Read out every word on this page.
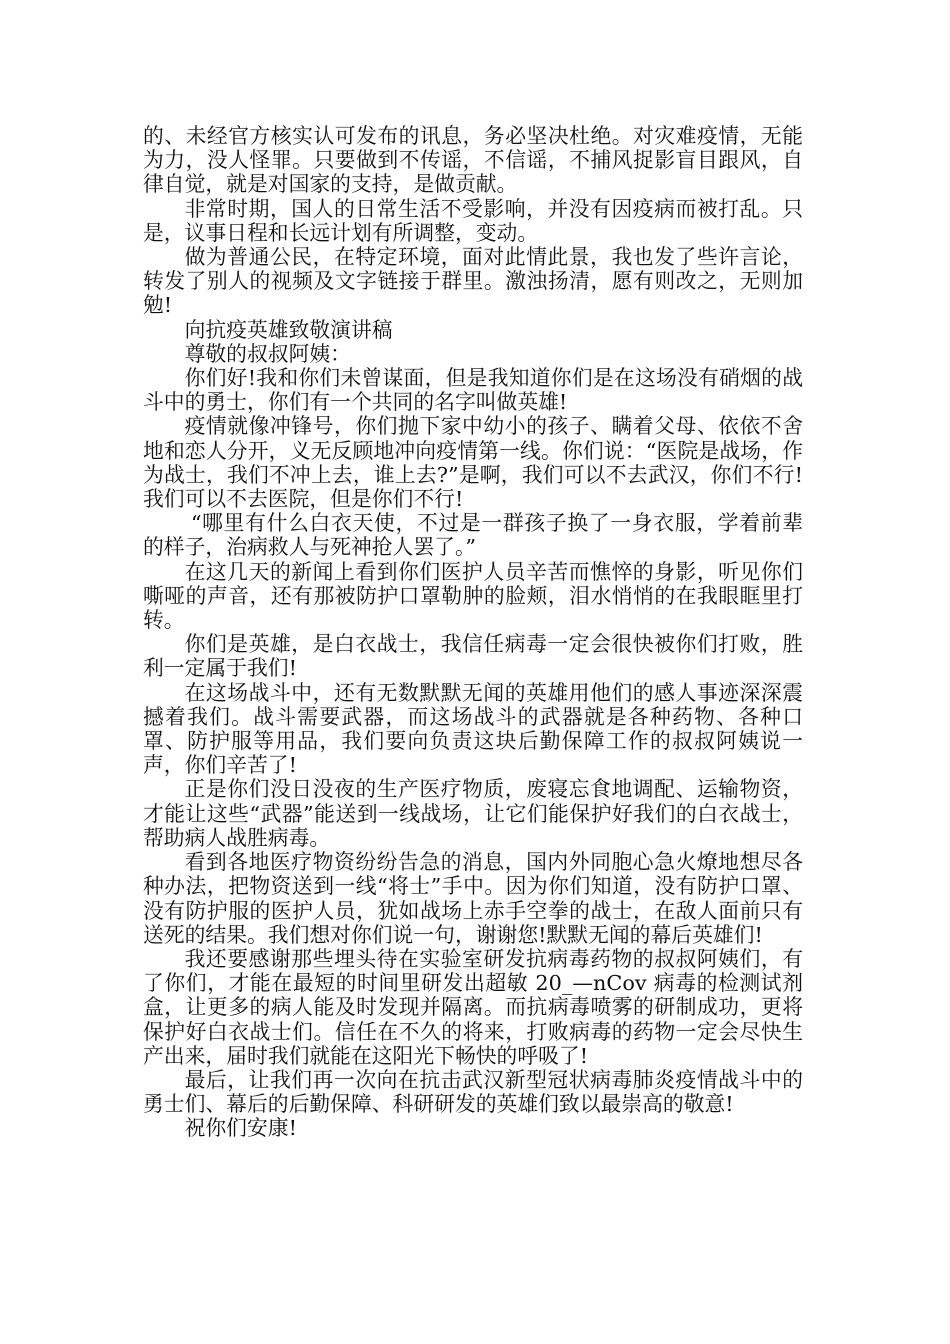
的、未经官方核实认可发布的讯息，务必坚决杜绝。对灾难疫情，无能为力，没人怪罪。只要做到不传谣，不信谣，不捕风捉影盲目跟风，自律自觉，就是对国家的支持，是做贡献。

非常时期，国人的日常生活不受影响，并没有因疫病而被打乱。只是，议事日程和长远计划有所调整，变动。

做为普通公民，在特定环境，面对此情此景，我也发了些许言论，转发了别人的视频及文字链接于群里。激浊扬清，愿有则改之，无则加勉!

向抗疫英雄致敬演讲稿

尊敬的叔叔阿姨：

你们好!我和你们未曾谋面，但是我知道你们是在这场没有硝烟的战斗中的勇士，你们有一个共同的名字叫做英雄!

疫情就像冲锋号，你们抛下家中幼小的孩子、瞒着父母、依依不舍地和恋人分开，义无反顾地冲向疫情第一线。你们说：“医院是战场，作为战士，我们不冲上去，谁上去?”是啊，我们可以不去武汉，你们不行!我们可以不去医院，但是你们不行!

“哪里有什么白衣天使，不过是一群孩子换了一身衣服，学着前辈的样子，治病救人与死神抢人罢了。”

在这几天的新闻上看到你们医护人员辛苦而憔悴的身影，听见你们嘶哑的声音，还有那被防护口罩勒肿的脸颊，泪水悄悄的在我眼眶里打转。

你们是英雄，是白衣战士，我信任病毒一定会很快被你们打败，胜利一定属于我们!

在这场战斗中，还有无数默默无闻的英雄用他们的感人事迹深深震撼着我们。战斗需要武器，而这场战斗的武器就是各种药物、各种口罩、防护服等用品，我们要向负责这块后勤保障工作的叔叔阿姨说一声，你们辛苦了!

正是你们没日没夜的生产医疗物质，废寝忘食地调配、运输物资，才能让这些“武器”能送到一线战场，让它们能保护好我们的白衣战士，帮助病人战胜病毒。

看到各地医疗物资纷纷告急的消息，国内外同胞心急火燎地想尽各种办法，把物资送到一线“将士”手中。因为你们知道，没有防护口罩、没有防护服的医护人员，犹如战场上赤手空拳的战士，在敌人面前只有送死的结果。我们想对你们说一句，谢谢您!默默无闻的幕后英雄们!

我还要感谢那些埋头待在实验室研发抗病毒药物的叔叔阿姨们，有了你们，才能在最短的时间里研发出超敏 20_—nCov 病毒的检测试剂盒，让更多的病人能及时发现并隔离。而抗病毒喷雾的研制成功，更将保护好白衣战士们。信任在不久的将来，打败病毒的药物一定会尽快生产出来，届时我们就能在这阳光下畅快的呼吸了!

最后，让我们再一次向在抗击武汉新型冠状病毒肺炎疫情战斗中的勇士们、幕后的后勤保障、科研研发的英雄们致以最崇高的敬意!

祝你们安康!
